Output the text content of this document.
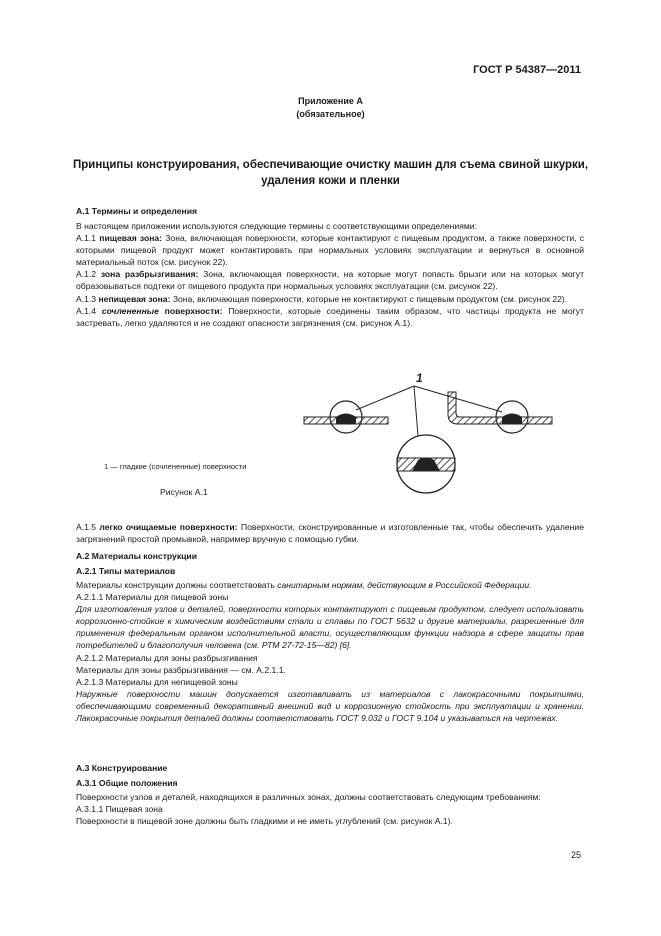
ГОСТ Р 54387—2011
Приложение А
(обязательное)
Принципы конструирования, обеспечивающие очистку машин для съема свиной шкурки,
удаления кожи и пленки
А.1 Термины и определения

В настоящем приложении используются следующие термины с соответствующими определениями:

А.1.1 пищевая зона: Зона, включающая поверхности, которые контактируют с пищевым продуктом, а также поверхности, с которыми пищевой продукт может контактировать при нормальных условиях эксплуатации и вернуться в основной материальный поток (см. рисунок 22).

А.1.2 зона разбрызгивания: Зона, включающая поверхности, на которые могут попасть брызги или на которых могут образовываться подтеки от пищевого продукта при нормальных условиях эксплуатации (см. рисунок 22).

А.1.3 непищевая зона: Зона, включающая поверхности, которые не контактируют с пищевым продуктом (см. рисунок 22).

А.1.4 сочлененные поверхности: Поверхности, которые соединены таким образом, что частицы продукта не могут застревать, легко удаляются и не создают опасности загрязнения (см. рисунок А.1).

1
1 — гладкие (сочлененные) поверхности
Рисунок А.1

А.1.5 легко очищаемые поверхности: Поверхности, сконструированные и изготовленные так, чтобы обеспечить удаление загрязнений простой промывкой, например вручную с помощью губки.

А.2 Материалы конструкции
А.2.1 Типы материалов

Материалы конструкции должны соответствовать санитарным нормам, действующим в Российской Федерации.

А.2.1.1 Материалы для пищевой зоны

Для изготовления узлов и деталей, поверхности которых контактируют с пищевым продуктом, следует использовать коррозионно-стойкие к химическим воздействиям стали и сплавы по ГОСТ 5632 и другие материалы, разрешенные для применения федеральным органом исполнительной власти, осуществляющим функции надзора в сфере защиты прав потребителей и благополучия человека (см. РТМ 27-72-15—82) [6].

А.2.1.2 Материалы для зоны разбрызгивания

Материалы для зоны разбрызгивания — см. А.2.1.1.

А.2.1.3 Материалы для непищевой зоны

Наружные поверхности машин допускается изготавливать из материалов с лакокрасочными покрытиями, обеспечивающими современный декоративный внешний вид и коррозионную стойкость при эксплуатации и хранении. Лакокрасочные покрытия деталей должны соответствовать ГОСТ 9.032 и ГОСТ 9.104 и указываться на чертежах.

А.3 Конструирование
А.3.1 Общие положения

Поверхности узлов и деталей, находящихся в различных зонах, должны соответствовать следующим требованиям:

А.3.1.1 Пищевая зона

Поверхности в пищевой зоне должны быть гладкими и не иметь углублений (см. рисунок А.1).

25
